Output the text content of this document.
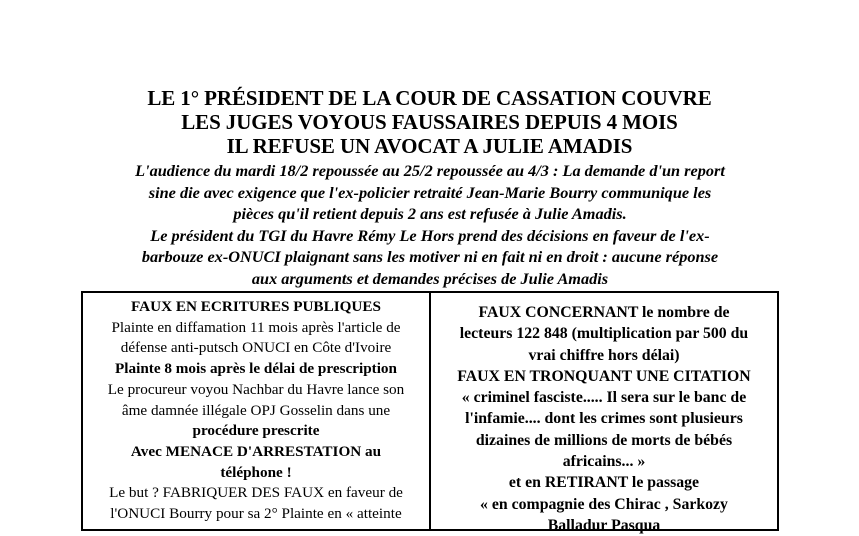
LE 1° PRÉSIDENT DE LA COUR DE CASSATION COUVRE
LES JUGES VOYOUS FAUSSAIRES DEPUIS 4 MOIS
IL REFUSE UN AVOCAT A JULIE AMADIS
L'audience du mardi 18/2 repoussée au 25/2 repoussée au 4/3 : La demande d'un report
sine die avec exigence que l'ex-policier retraité Jean-Marie Bourry communique les
pièces qu'il retient depuis 2 ans est refusée à Julie Amadis.
Le président du TGI du Havre Rémy Le Hors prend des décisions en faveur de l'ex-
barbouze ex-ONUCI plaignant sans les motiver ni en fait ni en droit : aucune réponse
aux arguments et demandes précises de Julie Amadis
FAUX EN ECRITURES PUBLIQUES
Plainte en diffamation 11 mois après l'article de
défense anti-putsch ONUCI en Côte d'Ivoire
Plainte 8 mois après le délai de prescription
Le procureur voyou Nachbar du Havre lance son
âme damnée illégale OPJ Gosselin dans une
procédure prescrite
Avec MENACE D'ARRESTATION au
téléphone !
Le but ? FABRIQUER DES FAUX en faveur de
l'ONUCI Bourry pour sa 2° Plainte en « atteinte
FAUX CONCERNANT le nombre de
lecteurs 122 848 (multiplication par 500 du
vrai chiffre hors délai)
FAUX EN TRONQUANT UNE CITATION
« criminel fasciste..... Il sera sur le banc de
l'infamie.... dont les crimes sont plusieurs
dizaines de millions de morts de bébés
africains... »
et en RETIRANT le passage
« en compagnie des Chirac , Sarkozy
Balladur Pasqua
